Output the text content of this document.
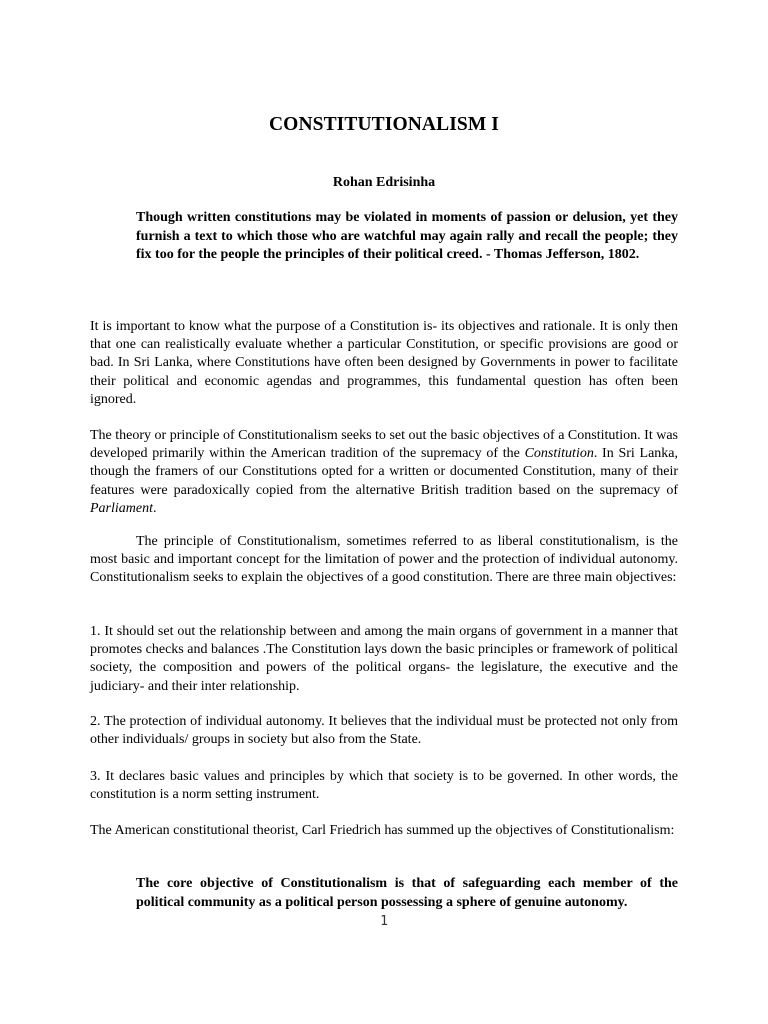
CONSTITUTIONALISM I
Rohan Edrisinha
Though written constitutions may be violated in moments of passion or delusion, yet they furnish a text to which those who are watchful may again rally and recall the people; they fix too for the people the principles of their political creed. - Thomas Jefferson, 1802.

It is important to know what the purpose of a Constitution is- its objectives and rationale. It is only then that one can realistically evaluate whether a particular Constitution, or specific provisions are good or bad. In Sri Lanka, where Constitutions have often been designed by Governments in power to facilitate their political and economic agendas and programmes, this fundamental question has often been ignored.

The theory or principle of Constitutionalism seeks to set out the basic objectives of a Constitution. It was developed primarily within the American tradition of the supremacy of the Constitution. In Sri Lanka, though the framers of our Constitutions opted for a written or documented Constitution, many of their features were paradoxically copied from the alternative British tradition based on the supremacy of Parliament.

The principle of Constitutionalism, sometimes referred to as liberal constitutionalism, is the most basic and important concept for the limitation of power and the protection of individual autonomy. Constitutionalism seeks to explain the objectives of a good constitution. There are three main objectives:

1. It should set out the relationship between and among the main organs of government in a manner that promotes checks and balances .The Constitution lays down the basic principles or framework of political society, the composition and powers of the political organs- the legislature, the executive and the judiciary- and their inter relationship.

2. The protection of individual autonomy. It believes that the individual must be protected not only from other individuals/ groups in society but also from the State.

3. It declares basic values and principles by which that society is to be governed. In other words, the constitution is a norm setting instrument.

The American constitutional theorist, Carl Friedrich has summed up the objectives of Constitutionalism:

The core objective of Constitutionalism is that of safeguarding each member of the political community as a political person possessing a sphere of genuine autonomy.
1
